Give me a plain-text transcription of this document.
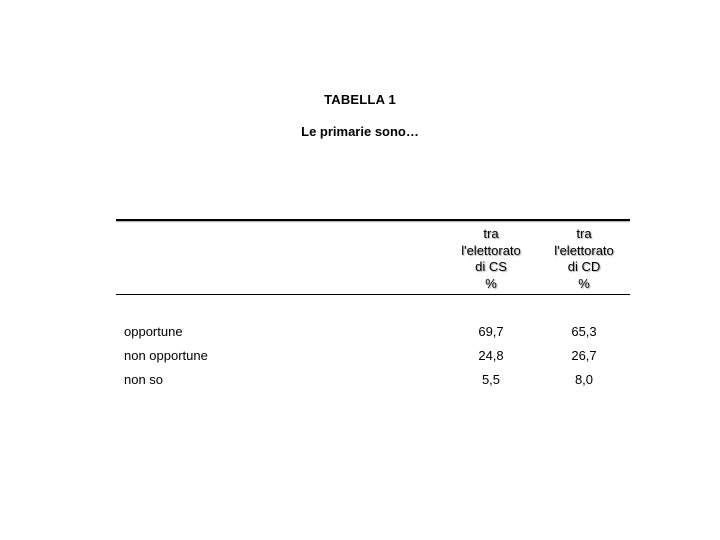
TABELLA 1
Le primarie sono…
tra
l'elettorato
di CS
%
tra
l'elettorato
di CD
%
opportune	69,7	65,3
non opportune	24,8	26,7
non so	5,5	8,0
